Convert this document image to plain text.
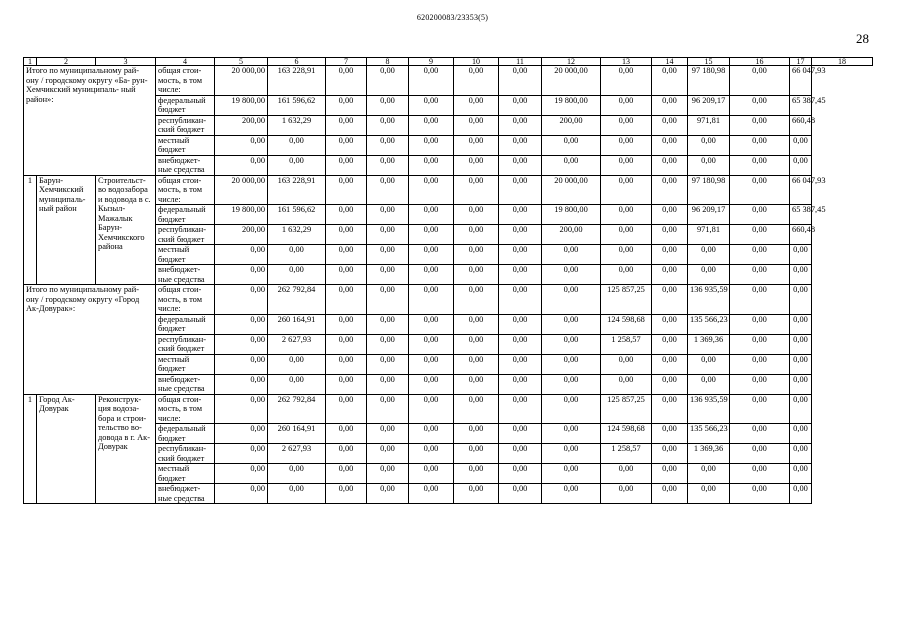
620200083/23353(5)
28
1	2	3	4	5	6	7	8	9	10	11	12	13	14	15	16	17	18
Итого по муниципальному рай- ону / городскому округу «Ба- рун-Хемчикский муниципаль- ный район»:			общая стои- мость, в том числе:	20 000,00	163 228,91	0,00	0,00	0,00	0,00	0,00	20 000,00	0,00	0,00	97 180,98	0,00	66 047,93	
			федеральный бюджет	19 800,00	161 596,62	0,00	0,00	0,00	0,00	0,00	19 800,00	0,00	0,00	96 209,17	0,00	65 387,45	
			республикан- ский бюджет	200,00	1 632,29	0,00	0,00	0,00	0,00	0,00	200,00	0,00	0,00	971,81	0,00	660,48	
			местный бюджет	0,00	0,00	0,00	0,00	0,00	0,00	0,00	0,00	0,00	0,00	0,00	0,00	0,00	
			внебюджет- ные средства	0,00	0,00	0,00	0,00	0,00	0,00	0,00	0,00	0,00	0,00	0,00	0,00	0,00	
1	Барун- Хемчикский муниципаль- ный район	Строительст- во водозабора и водовода в с. Кызыл- Мажалык Барун- Хемчикского района	общая стои- мость, в том числе:	20 000,00	163 228,91	0,00	0,00	0,00	0,00	0,00	20 000,00	0,00	0,00	97 180,98	0,00	66 047,93	
			федеральный бюджет	19 800,00	161 596,62	0,00	0,00	0,00	0,00	0,00	19 800,00	0,00	0,00	96 209,17	0,00	65 387,45	
			республикан- ский бюджет	200,00	1 632,29	0,00	0,00	0,00	0,00	0,00	200,00	0,00	0,00	971,81	0,00	660,48	
			местный бюджет	0,00	0,00	0,00	0,00	0,00	0,00	0,00	0,00	0,00	0,00	0,00	0,00	0,00	
			внебюджет- ные средства	0,00	0,00	0,00	0,00	0,00	0,00	0,00	0,00	0,00	0,00	0,00	0,00	0,00	
Итого по муниципальному рай- ону / городскому округу «Город Ак-Довурак»:			общая стои- мость, в том числе:	0,00	262 792,84	0,00	0,00	0,00	0,00	0,00	0,00	125 857,25	0,00	136 935,59	0,00	0,00	
			федеральный бюджет	0,00	260 164,91	0,00	0,00	0,00	0,00	0,00	0,00	124 598,68	0,00	135 566,23	0,00	0,00	
			республикан- ский бюджет	0,00	2 627,93	0,00	0,00	0,00	0,00	0,00	0,00	1 258,57	0,00	1 369,36	0,00	0,00	
			местный бюджет	0,00	0,00	0,00	0,00	0,00	0,00	0,00	0,00	0,00	0,00	0,00	0,00	0,00	
			внебюджет- ные средства	0,00	0,00	0,00	0,00	0,00	0,00	0,00	0,00	0,00	0,00	0,00	0,00	0,00	
1	Город Ак- Довурак	Реконструк- ция водоза- бора и строи- тельство во- довода в г. Ак- Довурак	общая стои- мость, в том числе:	0,00	262 792,84	0,00	0,00	0,00	0,00	0,00	0,00	125 857,25	0,00	136 935,59	0,00	0,00	
			федеральный бюджет	0,00	260 164,91	0,00	0,00	0,00	0,00	0,00	0,00	124 598,68	0,00	135 566,23	0,00	0,00	
			республикан- ский бюджет	0,00	2 627,93	0,00	0,00	0,00	0,00	0,00	0,00	1 258,57	0,00	1 369,36	0,00	0,00	
			местный бюджет	0,00	0,00	0,00	0,00	0,00	0,00	0,00	0,00	0,00	0,00	0,00	0,00	0,00	
			внебюджет- ные средства	0,00	0,00	0,00	0,00	0,00	0,00	0,00	0,00	0,00	0,00	0,00	0,00	0,00	
